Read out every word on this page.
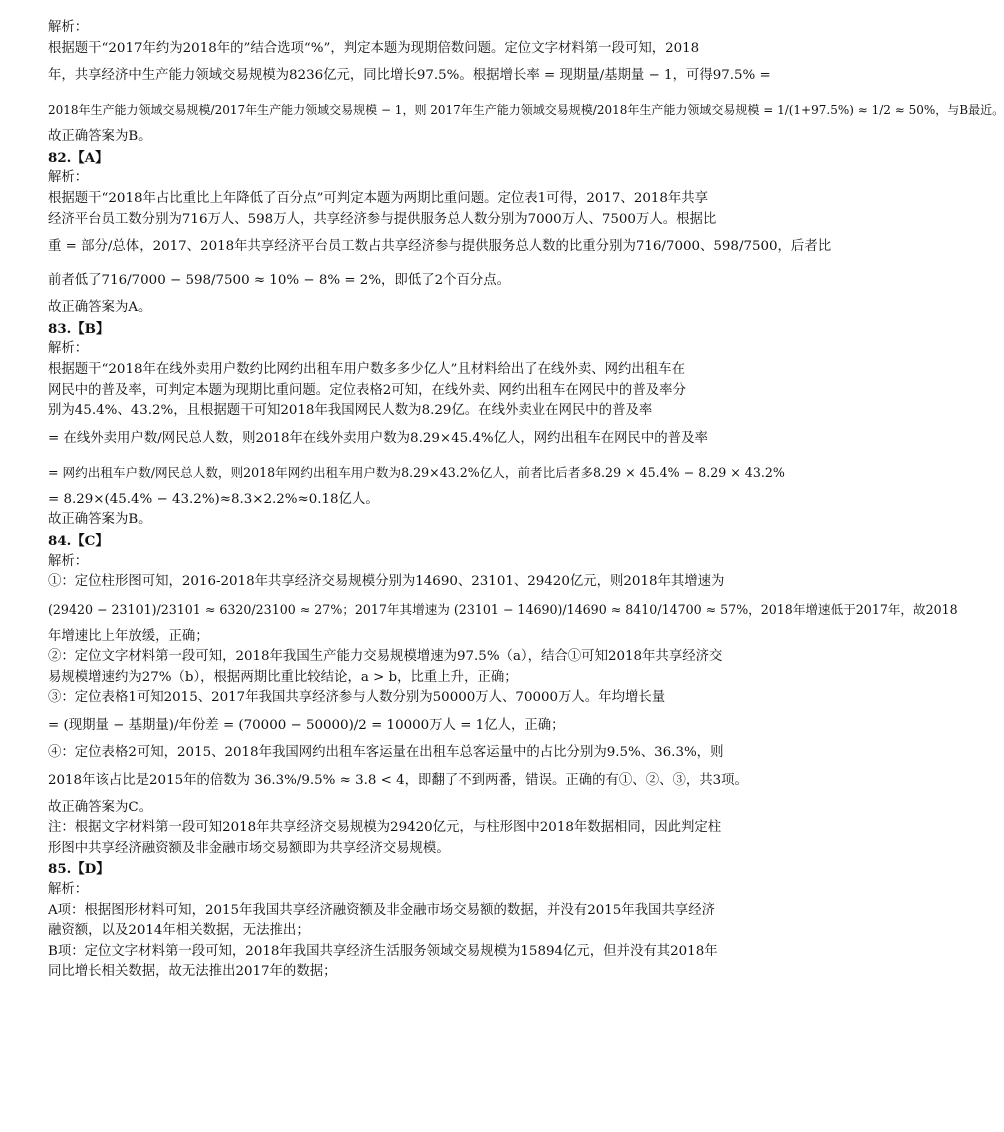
解析：
根据题干“2017年约为2018年的”结合选项“%”，判定本题为现期倍数问题。定位文字材料第一段可知，2018
年，共享经济中生产能力领域交易规模为8236亿元，同比增长97.5%。根据增长率 = 现期量/基期量 − 1，可得97.5% =
2018年生产能力领域交易规模/2017年生产能力领域交易规模 − 1，则 2017年生产能力领域交易规模/2018年生产能力领域交易规模 = 1/(1+97.5%) ≈ 1/2 ≈ 50%，与B最近。
故正确答案为B。
82.【A】
解析：
根据题干“2018年占比重比上年降低了百分点”可判定本题为两期比重问题。定位表1可得，2017、2018年共享
经济平台员工数分别为716万人、598万人，共享经济参与提供服务总人数分别为7000万人、7500万人。根据比
重 = 部分/总体，2017、2018年共享经济平台员工数占共享经济参与提供服务总人数的比重分别为716/7000、598/7500，后者比
前者低了716/7000 − 598/7500 ≈ 10% − 8% = 2%，即低了2个百分点。
故正确答案为A。
83.【B】
解析：
根据题干“2018年在线外卖用户数约比网约出租车用户数多多少亿人”且材料给出了在线外卖、网约出租车在
网民中的普及率，可判定本题为现期比重问题。定位表格2可知，在线外卖、网约出租车在网民中的普及率分
别为45.4%、43.2%，且根据题干可知2018年我国网民人数为8.29亿。在线外卖业在网民中的普及率
= 在线外卖用户数/网民总人数，则2018年在线外卖用户数为8.29×45.4%亿人，网约出租车在网民中的普及率
= 网约出租车户数/网民总人数，则2018年网约出租车用户数为8.29×43.2%亿人，前者比后者多8.29 × 45.4% − 8.29 × 43.2%
= 8.29×(45.4% − 43.2%)≈8.3×2.2%≈0.18亿人。
故正确答案为B。
84.【C】
解析：
①：定位柱形图可知，2016-2018年共享经济交易规模分别为14690、23101、29420亿元，则2018年其增速为
(29420 − 23101)/23101 ≈ 6320/23100 ≈ 27%；2017年其增速为 (23101 − 14690)/14690 ≈ 8410/14700 ≈ 57%，2018年增速低于2017年，故2018
年增速比上年放缓，正确；
②：定位文字材料第一段可知，2018年我国生产能力交易规模增速为97.5%（a），结合①可知2018年共享经济交
易规模增速约为27%（b），根据两期比重比较结论，a > b，比重上升，正确；
③：定位表格1可知2015、2017年我国共享经济参与人数分别为50000万人、70000万人。年均增长量
= (现期量 − 基期量)/年份差 = (70000 − 50000)/2 = 10000万人 = 1亿人，正确；
④：定位表格2可知，2015、2018年我国网约出租车客运量在出租车总客运量中的占比分别为9.5%、36.3%，则
2018年该占比是2015年的倍数为 36.3%/9.5% ≈ 3.8 < 4，即翻了不到两番，错误。正确的有①、②、③，共3项。
故正确答案为C。
注：根据文字材料第一段可知2018年共享经济交易规模为29420亿元，与柱形图中2018年数据相同，因此判定柱
形图中共享经济融资额及非金融市场交易额即为共享经济交易规模。
85.【D】
解析：
A项：根据图形材料可知，2015年我国共享经济融资额及非金融市场交易额的数据，并没有2015年我国共享经济
融资额，以及2014年相关数据，无法推出；
B项：定位文字材料第一段可知，2018年我国共享经济生活服务领域交易规模为15894亿元，但并没有其2018年
同比增长相关数据，故无法推出2017年的数据；
